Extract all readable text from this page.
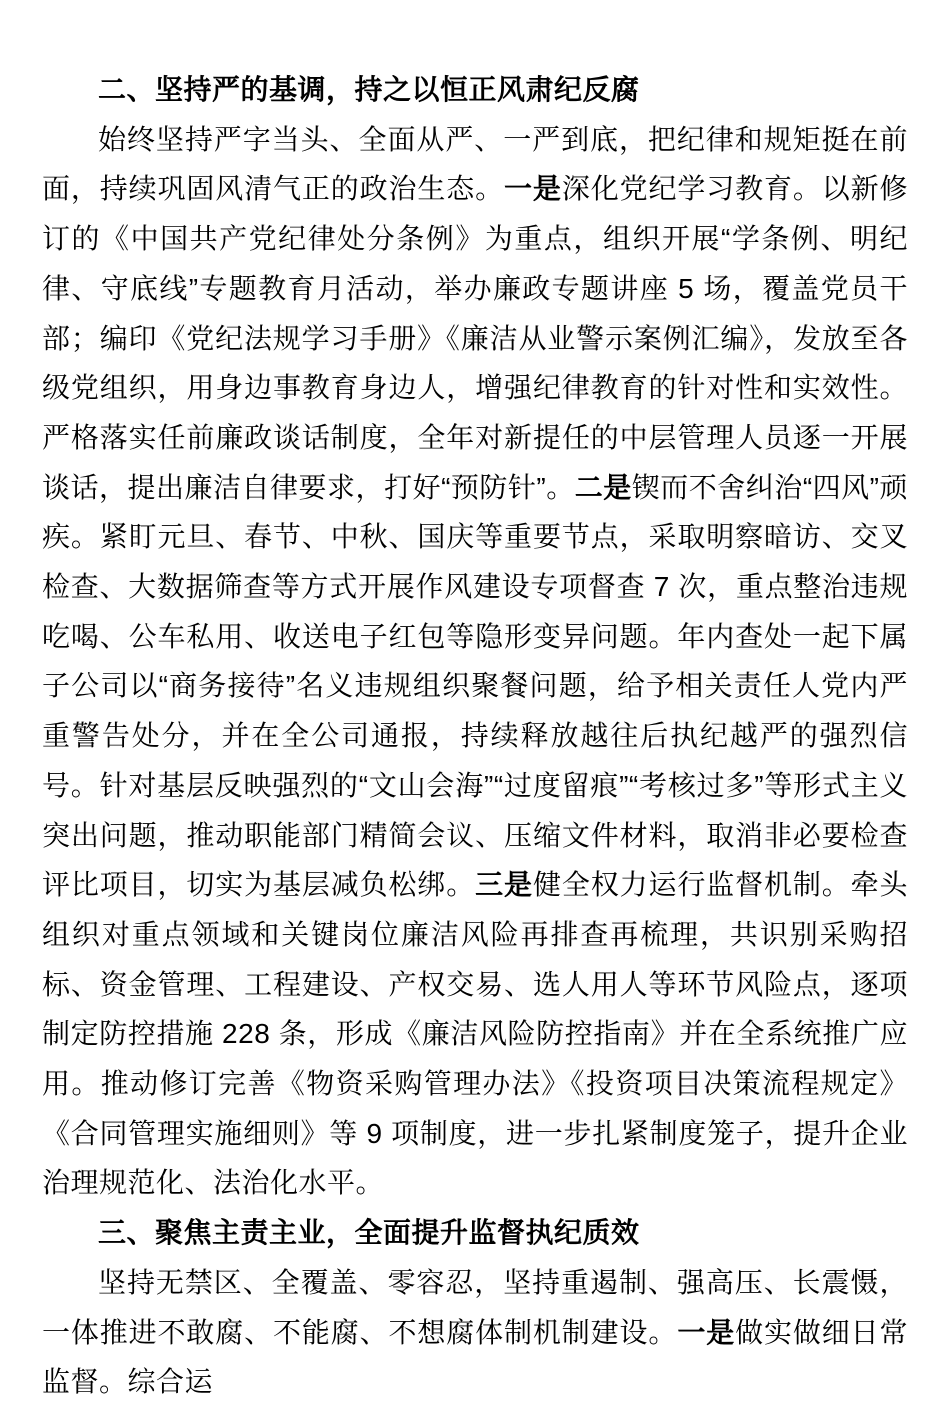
二、坚持严的基调，持之以恒正风肃纪反腐

始终坚持严字当头、全面从严、一严到底，把纪律和规矩挺在前面，持续巩固风清气正的政治生态。一是深化党纪学习教育。以新修订的《中国共产党纪律处分条例》为重点，组织开展“学条例、明纪律、守底线”专题教育月活动，举办廉政专题讲座 5 场，覆盖党员干部；编印《党纪法规学习手册》《廉洁从业警示案例汇编》，发放至各级党组织，用身边事教育身边人，增强纪律教育的针对性和实效性。严格落实任前廉政谈话制度，全年对新提任的中层管理人员逐一开展谈话，提出廉洁自律要求，打好“预防针”。二是锲而不舍纠治“四风”顽疾。紧盯元旦、春节、中秋、国庆等重要节点，采取明察暗访、交叉检查、大数据筛查等方式开展作风建设专项督查 7 次，重点整治违规吃喝、公车私用、收送电子红包等隐形变异问题。年内查处一起下属子公司以“商务接待”名义违规组织聚餐问题，给予相关责任人党内严重警告处分，并在全公司通报，持续释放越往后执纪越严的强烈信号。针对基层反映强烈的“文山会海”“过度留痕”“考核过多”等形式主义突出问题，推动职能部门精简会议、压缩文件材料，取消非必要检查评比项目，切实为基层减负松绑。三是健全权力运行监督机制。牵头组织对重点领域和关键岗位廉洁风险再排查再梳理，共识别采购招标、资金管理、工程建设、产权交易、选人用人等环节风险点，逐项制定防控措施 228 条，形成《廉洁风险防控指南》并在全系统推广应用。推动修订完善《物资采购管理办法》《投资项目决策流程规定》《合同管理实施细则》等 9 项制度，进一步扎紧制度笼子，提升企业治理规范化、法治化水平。

三、聚焦主责主业，全面提升监督执纪质效

坚持无禁区、全覆盖、零容忍，坚持重遏制、强高压、长震慑，一体推进不敢腐、不能腐、不想腐体制机制建设。一是做实做细日常监督。综合运
